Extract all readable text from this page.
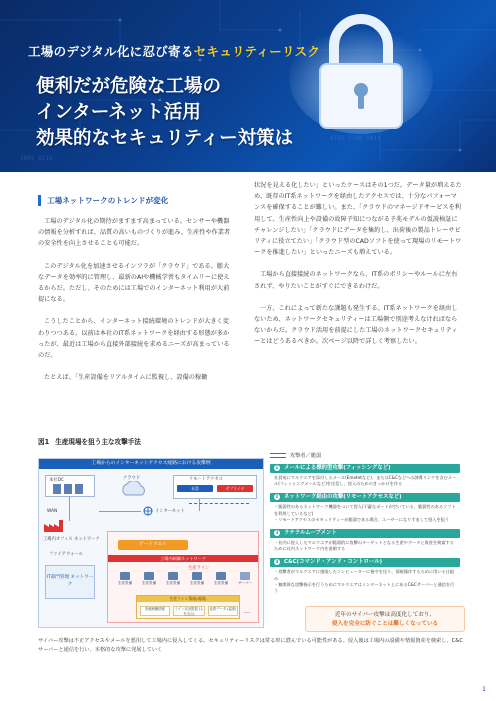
0101 1100 0011
1001 0110
工場のデジタル化に忍び寄るセキュリティーリスク
便利だが危険な工場の
インターネット活用
効果的なセキュリティー対策は
工場ネットワークのトレンドが変化

工場のデジタル化の期待がますます高まっている。センサーや機器の情報を分析すれば、品質の高いものづくりが進み、生産性や作業者の安全性を向上させることも可能だ。

このデジタル化を加速させるインフラが「クラウド」である。膨大なデータを効率的に管理し、最新のAIや機械学習もタイムリーに使えるからだ。ただし、そのためには工場でのインターネット利用が大前提になる。

こうしたことから、インターネット接続環境のトレンドが大きく変わりつつある。以前は本社のIT系ネットワークを経由する形態が多かったが、最近は工場から直接外部接続を求めるニーズが高まっているのだ。

たとえば、「生産設備をリアルタイムに監視し、設備の稼働

状況を見える化したい」といったケースはその1つだ。データ量が増えるため、既存のIT系ネットワークを経由したアクセスでは、十分なパフォーマンスを確保することが難しい。また、「クラウドのマネージドサービスを利用して、生産性向上や設備の故障予知につながる予兆モデルの仮説検証にチャレンジしたい」「クラウドにデータを集約し、出荷後の製品トレーサビリティに役立てたい」「クラウド型のCADソフトを使って現場のリモートワークを推進したい」といったニーズも増えている。

工場から直接接続のネットワークなら、IT系のポリシーやルールに左右されず、やりたいことがすぐにできるわけだ。

一方、これによって新たな課題も発生する。IT系ネットワークを経由しないため、ネットワークセキュリティーは工場側で別途考えなければならないからだ。クラウド活用を前提にした工場のネットワークセキュリティーとはどうあるべきか。次ページ以降で詳しく考察したい。

図1 生産現場を狙う主な攻撃手法
工場からのインターネットアクセス経路における攻撃例
本社DC	クラウド	リモートアクセス
社員	サプライヤ
WAN	インターネット
工場内オフィス ネットワーク
ファイアウォール
IT部門管理 ネットワーク
ゲートウエイ
工場内制御ネットワーク
生産ライン
生産設備	生産設備	生産設備	生産設備	生産設備	サーバー
生産ライン情報(現場)
設備稼働情報	ライン状況監視 (人を含む)
品質データ (温度) …
攻撃者／脆弱
1 メールによる標的型攻撃(フィッシングなど)
社員宛にマルウエアを添付したメール(Emotetなど)、またはC&Cなどへの誘導リンクを含むメール(フィッシングメールなど)を送信し、侵入のためのきっかけを作る
2 ネットワーク経由の攻撃(リモートアクセスなど)
・脆弱性のあるネットワーク機器をついて侵入(不審なポートが空いている、脆弱性のあるソフトを利用しているなど)
・リモートアクセスのセキュリティーが脆弱である場合、ユーザーになりすまして侵入を狙う
3 ラテラルムーブメント
・社内に侵入したマルウエアが脆弱的に攻撃のターゲットとなる生産やデータと資産を検索するために社内ネットワーク内を徘徊する
4 C&C(コマンド・アンド・コントロール)
・攻撃者がマルウエアに感染したコンピューターに指令を送り、情報操作するために用いる仕組み
・無関係な攻撃指示を行うためにマルウエアはインターネット上にあるC&Cサーバーと通信を行う
近年のサイバー攻撃は高度化しており、
侵入を完全に防ぐことは難しくなっている
サイバー攻撃は不正アクセスやメールを悪用して工場内に侵入してくる。セキュリティーリスクは常る形に潜んでいる可能性がある。侵入後は工場内の設備や情報資産を検索し、C&Cサーバーと通信を行い、本格的な攻撃に発展していく
1
